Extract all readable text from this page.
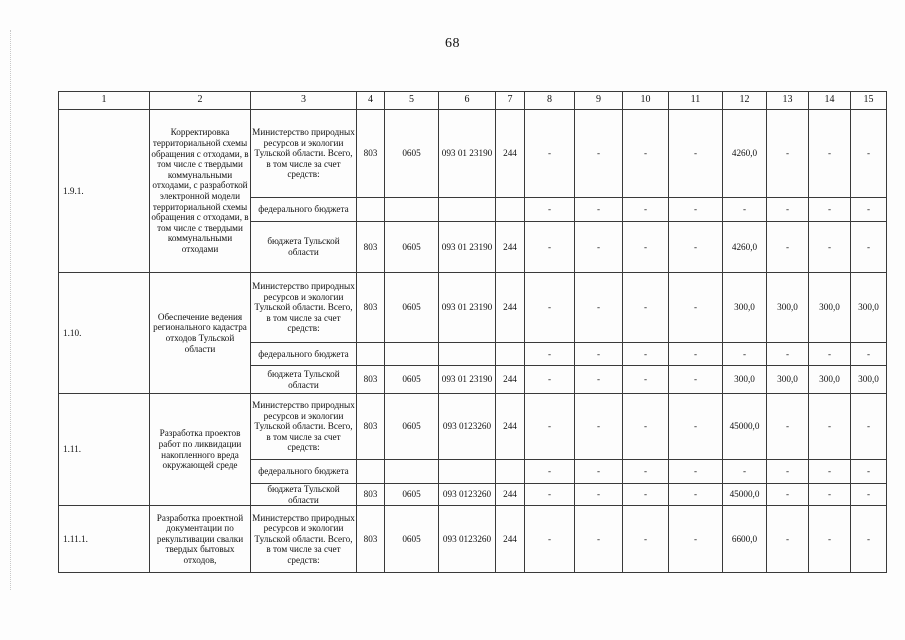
68
1	2	3	4	5	6	7	8	9	10	11	12	13	14	15
1.9.1.	Корректировка территориальной схемы обращения с отходами, в том числе с твердыми коммунальными отходами, с разработкой электронной модели территориальной схемы обращения с отходами, в том числе с твердыми коммунальными отходами	Министерство природных ресурсов и экологии Тульской области. Всего, в том числе за счет средств:	803	0605	093 01 23190	244	-	-	-	-	4260,0	-	-	-
		федерального бюджета					-	-	-	-	-	-	-	-
		бюджета Тульской области	803	0605	093 01 23190	244	-	-	-	-	4260,0	-	-	-
1.10.	Обеспечение ведения регионального кадастра отходов Тульской области	Министерство природных ресурсов и экологии Тульской области. Всего, в том числе за счет средств:	803	0605	093 01 23190	244	-	-	-	-	300,0	300,0	300,0	300,0
		федерального бюджета					-	-	-	-	-	-	-	-
		бюджета Тульской области	803	0605	093 01 23190	244	-	-	-	-	300,0	300,0	300,0	300,0
1.11.	Разработка проектов работ по ликвидации накопленного вреда окружающей среде	Министерство природных ресурсов и экологии Тульской области. Всего, в том числе за счет средств:	803	0605	093 0123260	244	-	-	-	-	45000,0	-	-	-
		федерального бюджета					-	-	-	-	-	-	-	-
		бюджета Тульской области	803	0605	093 0123260	244	-	-	-	-	45000,0	-	-	-
1.11.1.	Разработка проектной документации по рекультивации свалки твердых бытовых отходов,	Министерство природных ресурсов и экологии Тульской области. Всего, в том числе за счет средств:	803	0605	093 0123260	244	-	-	-	-	6600,0	-	-	-
